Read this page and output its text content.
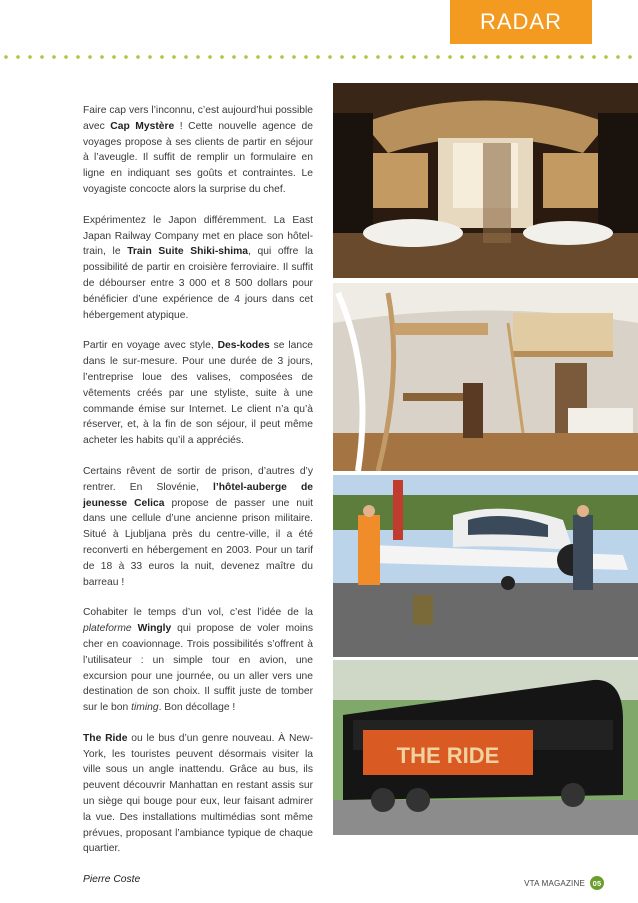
RADAR

Faire cap vers l’inconnu, c’est aujourd’hui possible avec Cap Mystère ! Cette nouvelle agence de voyages propose à ses clients de partir en séjour à l’aveugle. Il suffit de remplir un formulaire en ligne en indiquant ses goûts et contraintes. Le voyagiste concocte alors la surprise du chef.

Expérimentez le Japon différemment. La East Japan Railway Company met en place son hôtel-train, le Train Suite Shiki-shima, qui offre la possibilité de partir en croisière ferroviaire. Il suffit de débourser entre 3 000 et 8 500 dollars pour bénéficier d’une expérience de 4 jours dans cet hébergement atypique.

Partir en voyage avec style, Des-kodes se lance dans le sur-mesure. Pour une durée de 3 jours, l’entreprise loue des valises, composées de vêtements créés par une styliste, suite à une commande émise sur Internet. Le client n’a qu’à réserver, et, à la fin de son séjour, il peut même acheter les habits qu’il a appréciés.

Certains rêvent de sortir de prison, d’autres d’y rentrer. En Slovénie, l’hôtel-auberge de jeunesse Celica propose de passer une nuit dans une cellule d’une ancienne prison militaire. Situé à Ljubljana près du centre-ville, il a été reconverti en hébergement en 2003. Pour un tarif de 18 à 33 euros la nuit, devenez maître du barreau !

Cohabiter le temps d’un vol, c’est l’idée de la plateforme Wingly qui propose de voler moins cher en coavionnage. Trois possibilités s’offrent à l’utilisateur : un simple tour en avion, une excursion pour une journée, ou un aller vers une destination de son choix. Il suffit juste de tomber sur le bon timing. Bon décollage !

The Ride ou le bus d’un genre nouveau. À New-York, les touristes peuvent désormais visiter la ville sous un angle inattendu. Grâce au bus, ils peuvent découvrir Manhattan en restant assis sur un siège qui bouge pour eux, leur faisant admirer la vue. Des installations multimédias sont même prévues, proposant l’ambiance typique de chaque quartier.

Pierre Coste

THE RIDE
VTA MAGAZINE	05
